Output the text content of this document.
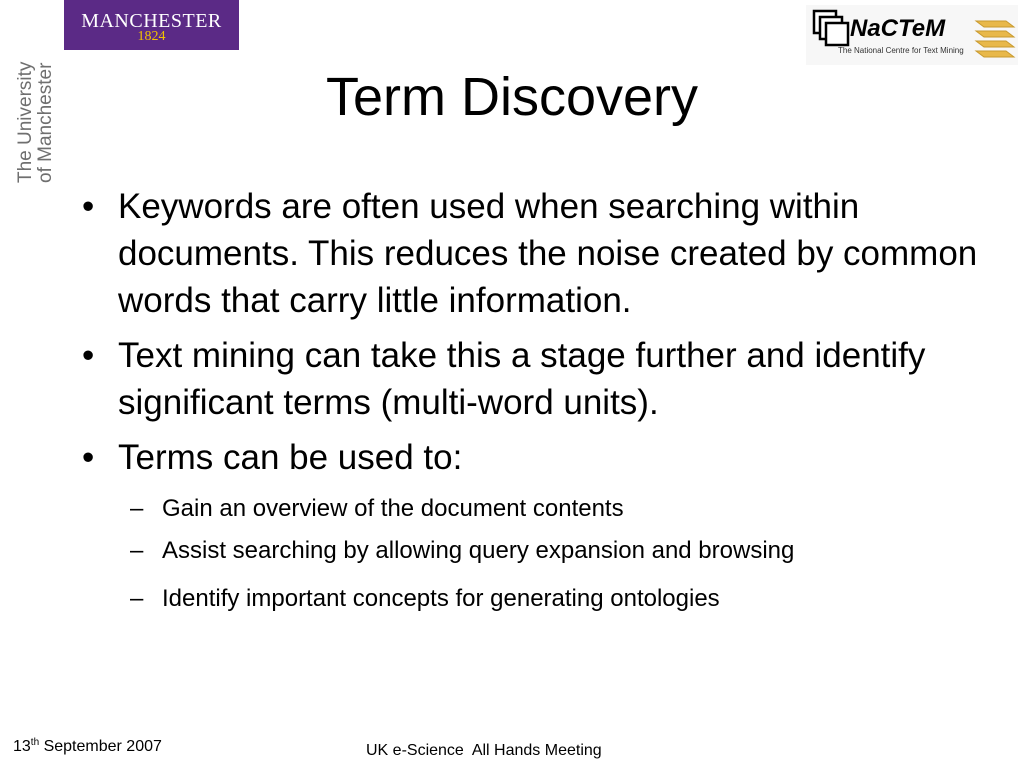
MANCHESTER
1824
The University of Manchester
NaCTeM
The National Centre for Text Mining
Term Discovery
• Keywords are often used when searching within documents. This reduces the noise created by common words that carry little information.
• Text mining can take this a stage further and identify significant terms (multi-word units).
• Terms can be used to:
– Gain an overview of the document contents
– Assist searching by allowing query expansion and browsing
– Identify important concepts for generating ontologies
13th September 2007	UK e-Science  All Hands Meeting
